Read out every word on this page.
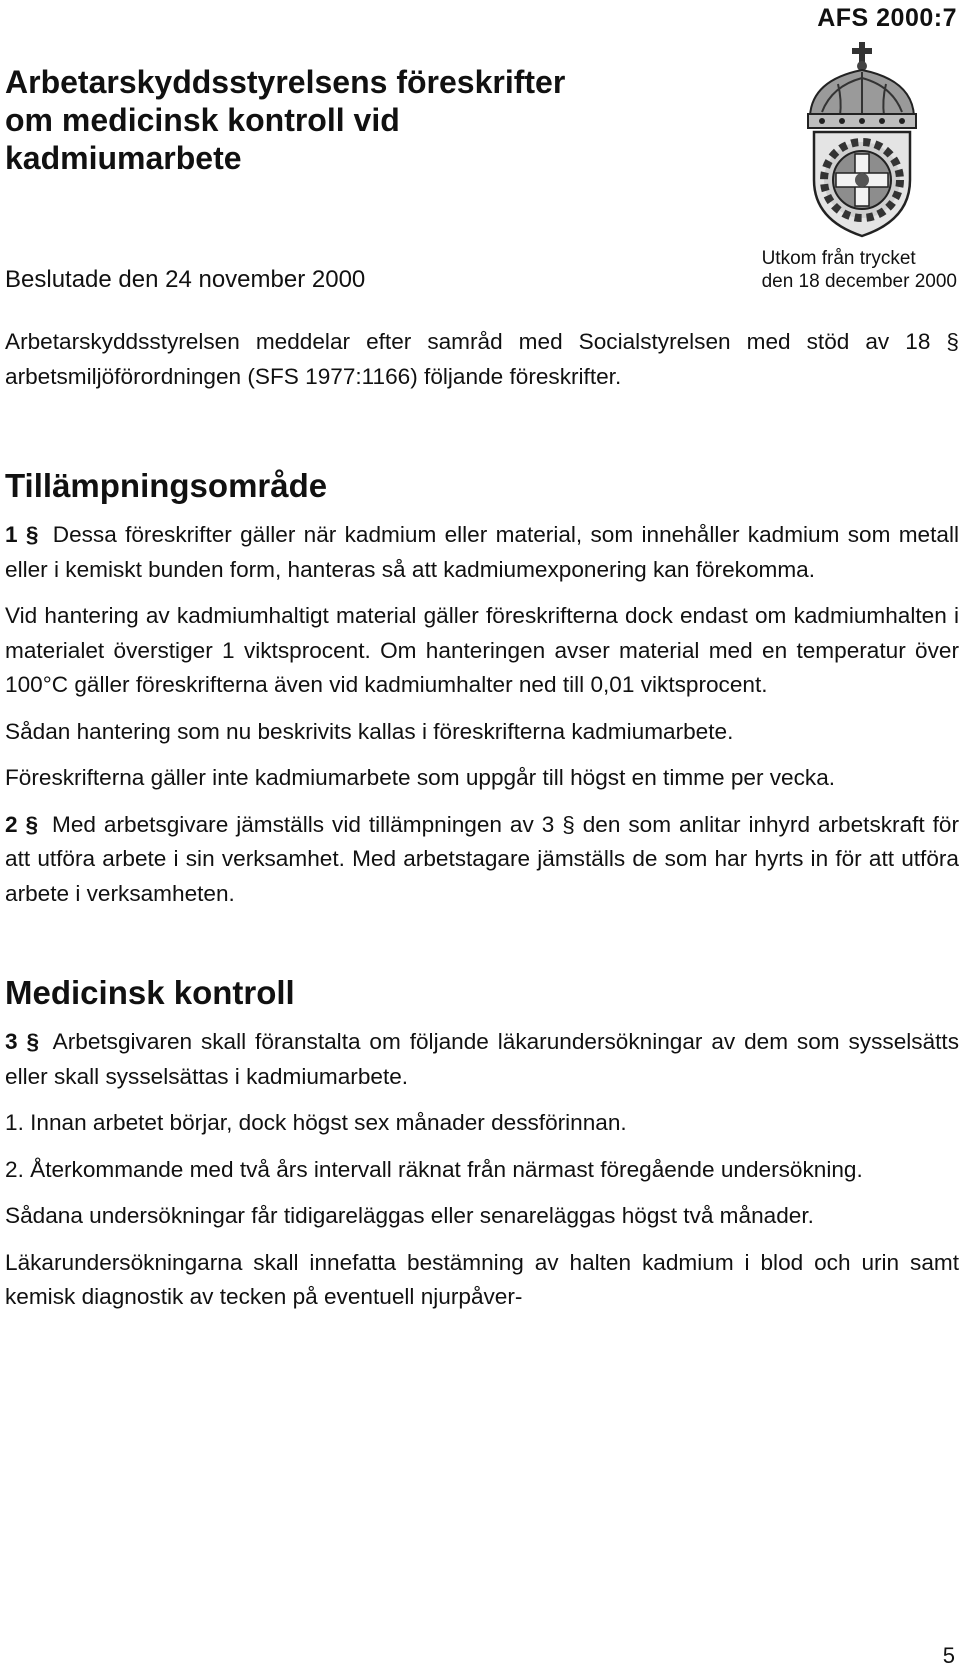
AFS 2000:7

Arbetarskyddsstyrelsens föreskrifter
om medicinsk kontroll vid
kadmiumarbete

Beslutade den 24 november 2000

Utkom från trycket
den 18 december 2000

Arbetarskyddsstyrelsen meddelar efter samråd med Socialstyrelsen med stöd av 18 § arbetsmiljöförordningen (SFS 1977:1166) följande föreskrifter.

Tillämpningsområde

1 § Dessa föreskrifter gäller när kadmium eller material, som innehåller kadmium som metall eller i kemiskt bunden form, hanteras så att kadmiumexponering kan förekomma.

Vid hantering av kadmiumhaltigt material gäller föreskrifterna dock endast om kadmiumhalten i materialet överstiger 1 viktsprocent. Om hanteringen avser material med en temperatur över 100°C gäller föreskrifterna även vid kadmiumhalter ned till 0,01 viktsprocent.

Sådan hantering som nu beskrivits kallas i föreskrifterna kadmiumarbete.

Föreskrifterna gäller inte kadmiumarbete som uppgår till högst en timme per vecka.

2 § Med arbetsgivare jämställs vid tillämpningen av 3 § den som anlitar inhyrd arbetskraft för att utföra arbete i sin verksamhet. Med arbetstagare jämställs de som har hyrts in för att utföra arbete i verksamheten.

Medicinsk kontroll

3 § Arbetsgivaren skall föranstalta om följande läkarundersökningar av dem som sysselsätts eller skall sysselsättas i kadmiumarbete.

1. Innan arbetet börjar, dock högst sex månader dessförinnan.

2. Återkommande med två års intervall räknat från närmast föregående undersökning.

Sådana undersökningar får tidigareläggas eller senareläggas högst två månader.

Läkarundersökningarna skall innefatta bestämning av halten kadmium i blod och urin samt kemisk diagnostik av tecken på eventuell njurpåver-

5
